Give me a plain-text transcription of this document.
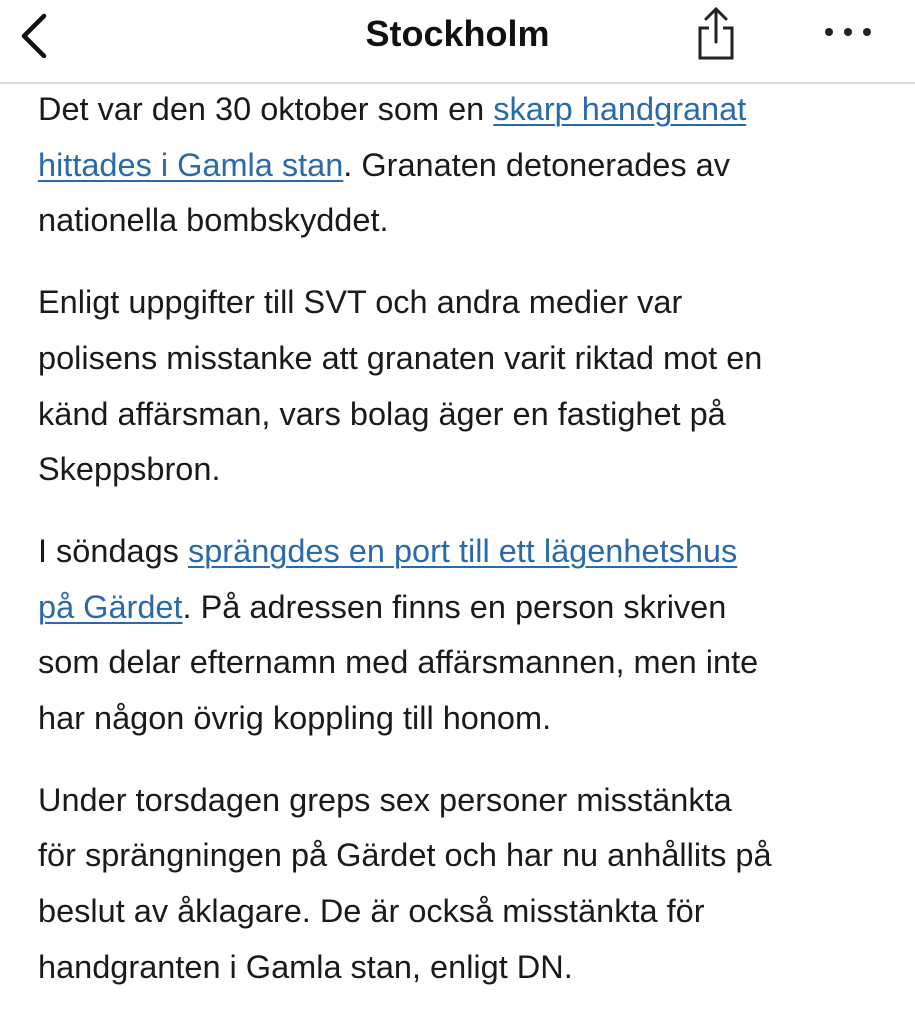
Stockholm

Det var den 30 oktober som en skarp handgranat
hittades i Gamla stan. Granaten detonerades av
nationella bombskyddet.

Enligt uppgifter till SVT och andra medier var
polisens misstanke att granaten varit riktad mot en
känd affärsman, vars bolag äger en fastighet på
Skeppsbron.

I söndags sprängdes en port till ett lägenhetshus
på Gärdet. På adressen finns en person skriven
som delar efternamn med affärsmannen, men inte
har någon övrig koppling till honom.

Under torsdagen greps sex personer misstänkta
för sprängningen på Gärdet och har nu anhållits på
beslut av åklagare. De är också misstänkta för
handgranten i Gamla stan, enligt DN.
